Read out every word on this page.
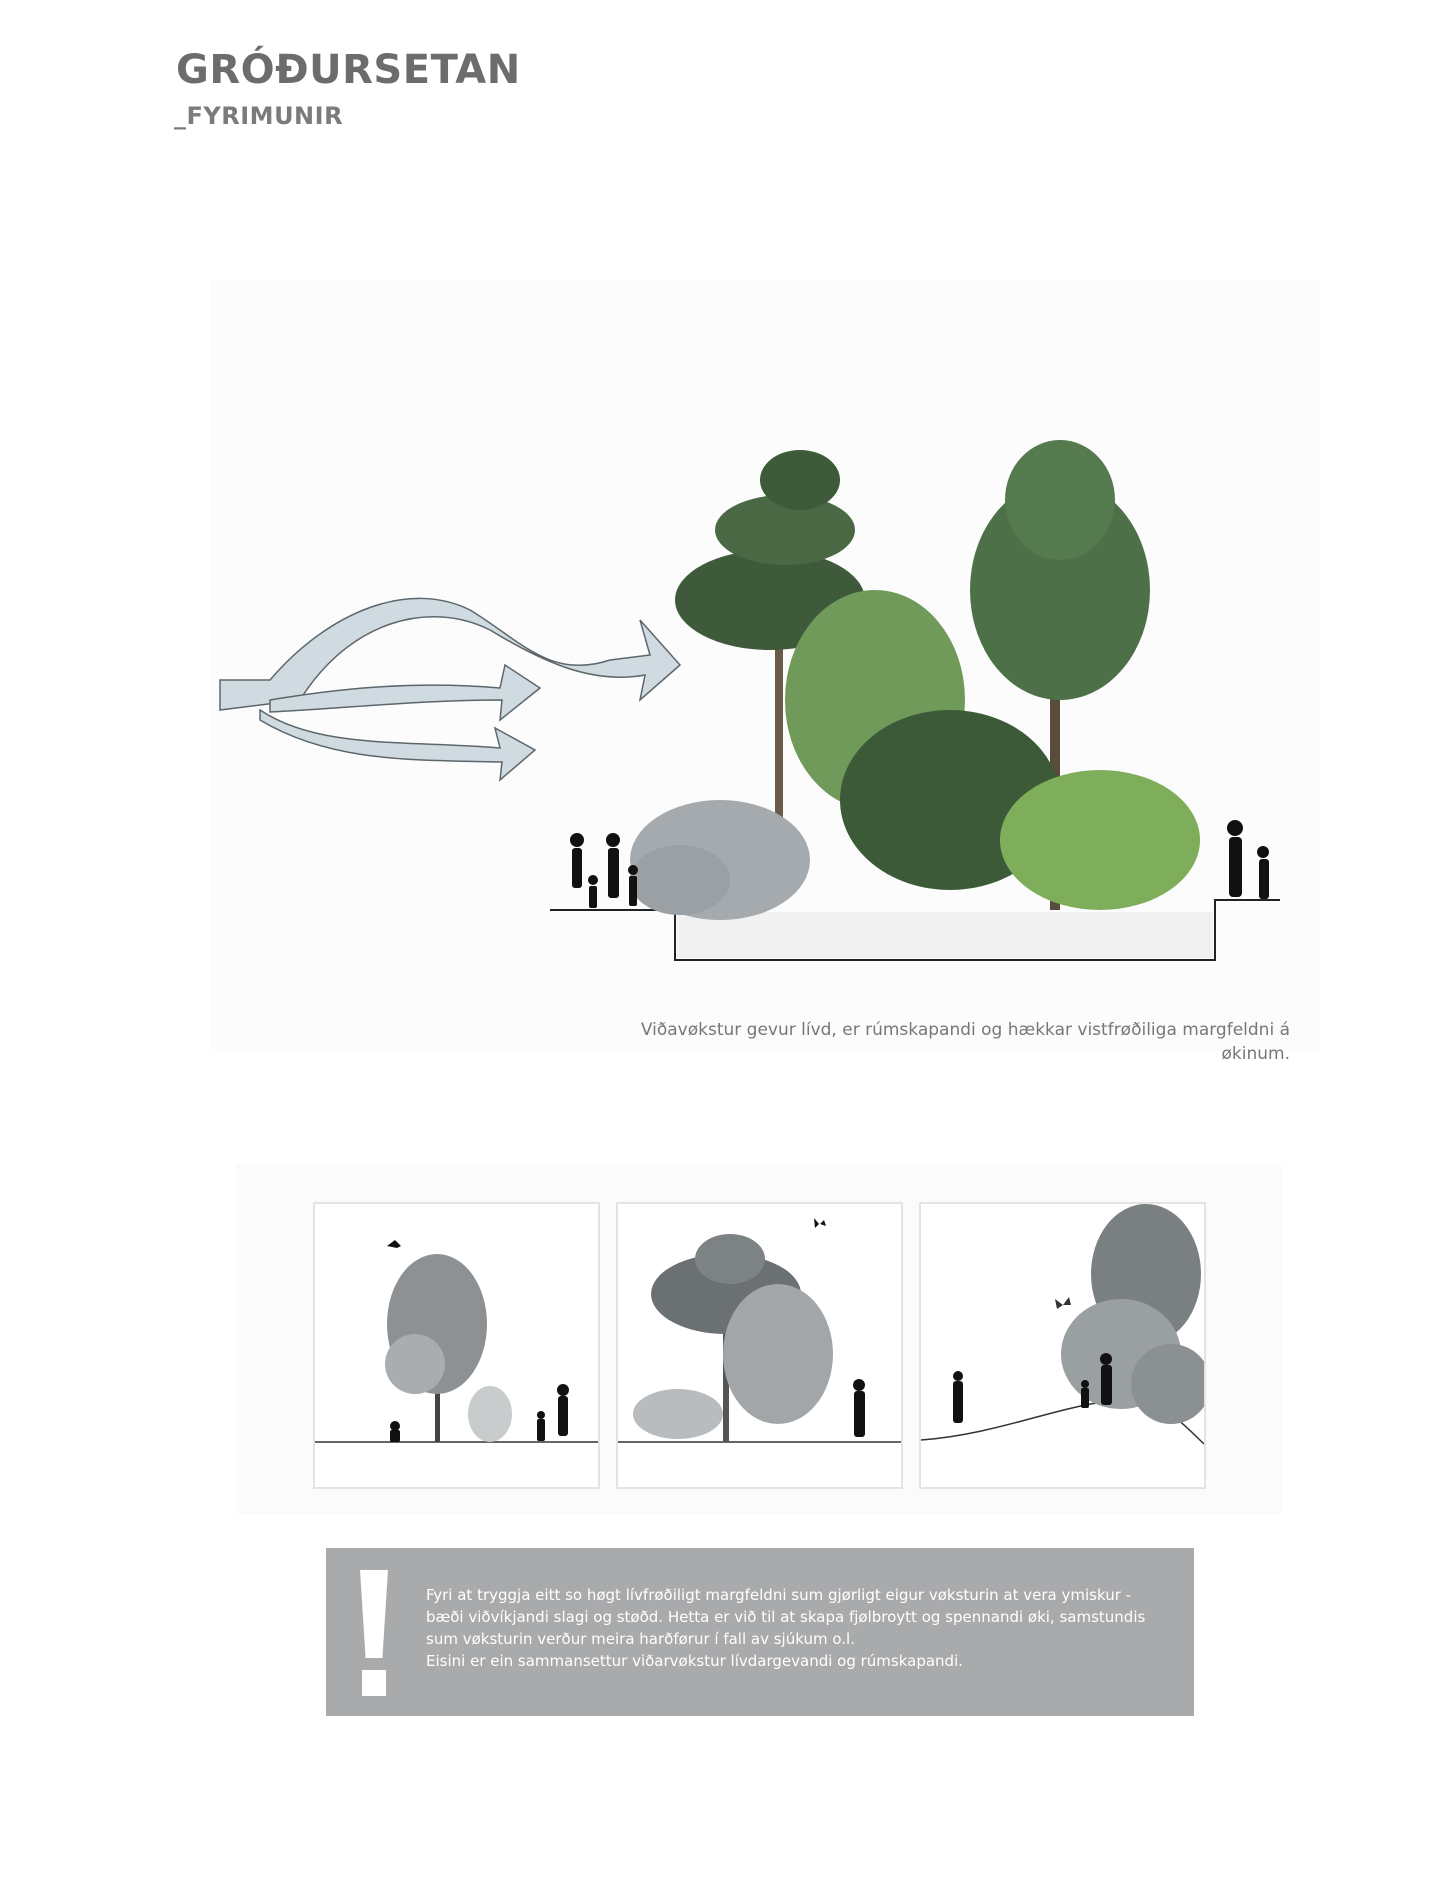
GRÓÐURSETAN
_FYRIMUNIR
Viðavøkstur gevur lívd, er rúmskapandi og hækkar vistfrøðiliga margfeldni á økinum.

Fyri at tryggja eitt so høgt lívfrøðiligt margfeldni sum gjørligt eigur vøksturin at vera ymiskur -

bæði viðvíkjandi slagi og støðd. Hetta er við til at skapa fjølbroytt og spennandi øki, samstundis

sum vøksturin verður meira harðførur í fall av sjúkum o.l.

Eisini er ein sammansettur viðarvøkstur lívdargevandi og rúmskapandi.
